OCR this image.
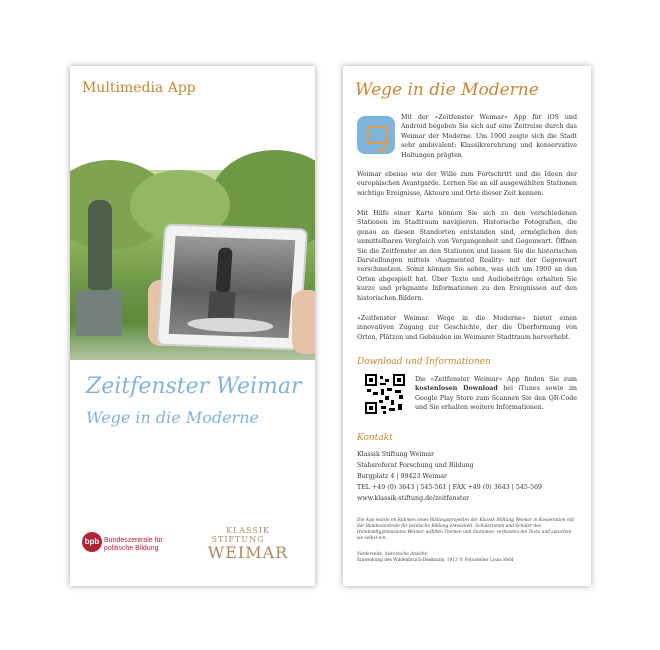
Multimedia App
Zeitfenster Weimar
Wege in die Moderne
bpb Bundeszentrale für
politische Bildung
KLASSIK
STIFTUNG
WEIMAR
Wege in die Moderne
Mit der »Zeitfenster Weimar« App für iOS und Android begeben Sie sich auf eine Zeitreise durch das Weimar der Moderne. Um 1900 zeigte sich die Stadt sehr ambivalent: Klassikverehrung und konservative Haltungen prägten
Weimar ebenso wie der Wille zum Fortschritt und die Ideen der europäischen Avantgarde. Lernen Sie an elf ausgewählten Stationen wichtige Ereignisse, Akteure und Orte dieser Zeit kennen.
Mit Hilfe einer Karte können Sie sich zu den verschiedenen Stationen im Stadtraum navigieren. Historische Fotografien, die genau an diesen Standorten entstanden sind, ermöglichen den unmittelbaren Vergleich von Vergangenheit und Gegenwart. Öffnen Sie die Zeitfenster an den Stationen und lassen Sie die historischen Darstellungen mittels ›Augmented Reality‹ mit der Gegenwart verschmelzen. Somit können Sie sehen, was sich um 1900 an den Orten abgespielt hat. Über Texte und Audiobeiträge erhalten Sie kurze und prägnante Informationen zu den Ereignissen auf den historischen Bildern.
»Zeitfenster Weimar. Wege in die Moderne« bietet einen innovativen Zugang zur Geschichte, der die Überformung von Orten, Plätzen und Gebäuden im Weimarer Stadtraum hervorhebt.
Download und Informationen
Die »Zeitfenster Weimar« App finden Sie zum kostenlosen Download bei iTunes sowie im Google Play Store zum Scannen Sie den QR-Code und Sie erhalten weitere Informationen.
Kontakt
Klassik Stiftung Weimar
Stabsreferat Forschung und Bildung
Burgplatz 4 | 99423 Weimar
TEL +49 (0) 3643 | 545-561 | FAX +49 (0) 3643 | 545-569
www.klassik-stiftung.de/zeitfenster
Die App wurde im Rahmen eines Bildungsprojektes der Klassik Stiftung Weimar in Kooperation mit der Bundeszentrale für politische Bildung entwickelt. Schülerinnen und Schüler des Humboldtgymnasiums Weimar wählten Themen und Stationen, verfassten die Texte und sprachen sie selbst ein.
Vorderseite, historische Ansicht:
Einweihung des Wildenbruch-Denkmals, 1913 © Fotoatelier Louis Held
